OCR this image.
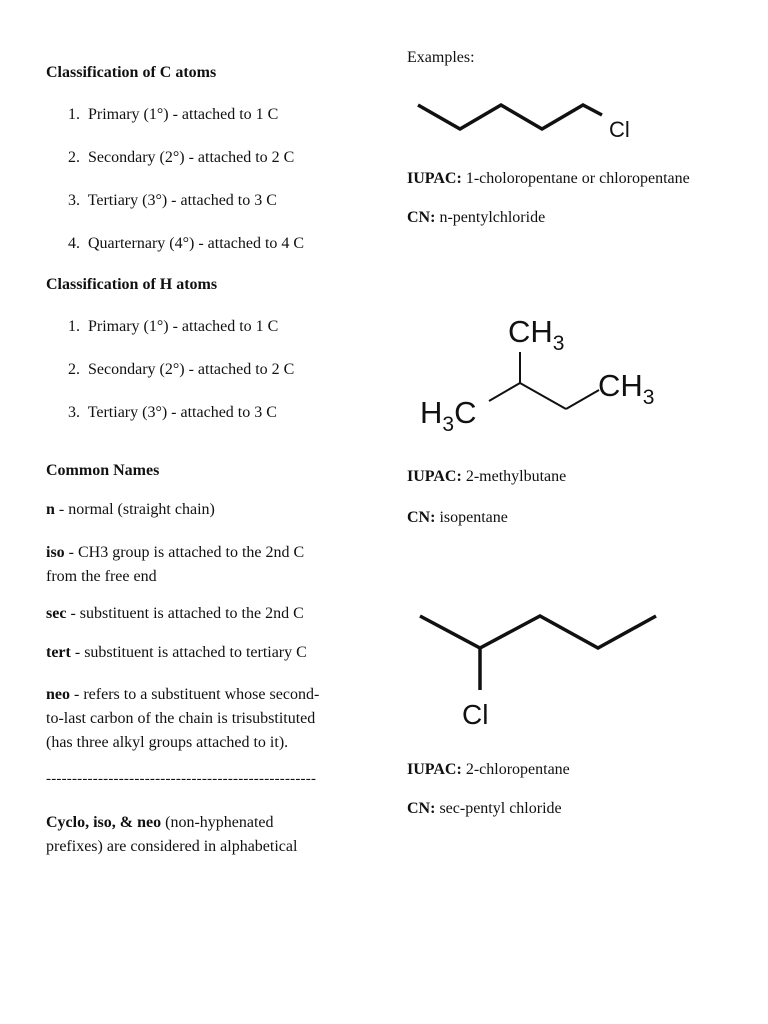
Classification of C atoms
1. Primary (1°) - attached to 1 C
2. Secondary (2°) - attached to 2 C
3. Tertiary (3°) - attached to 3 C
4. Quarternary (4°) - attached to 4 C
Classification of H atoms
1. Primary (1°) - attached to 1 C
2. Secondary (2°) - attached to 2 C
3. Tertiary (3°) - attached to 3 C
Common Names
n - normal (straight chain)
iso - CH3 group is attached to the 2nd C
from the free end
sec - substituent is attached to the 2nd C
tert - substituent is attached to tertiary C
neo - refers to a substituent whose second-
to-last carbon of the chain is trisubstituted
(has three alkyl groups attached to it).
----------------------------------------------------
Cyclo, iso, & neo (non-hyphenated
prefixes) are considered in alphabetical
Examples:
Cl
IUPAC: 1-choloropentane or chloropentane
CN: n-pentylchloride
$CH_3$
$CH_3$
$H_3C$
IUPAC: 2-methylbutane
CN: isopentane
Cl
IUPAC: 2-chloropentane
CN: sec-pentyl chloride
